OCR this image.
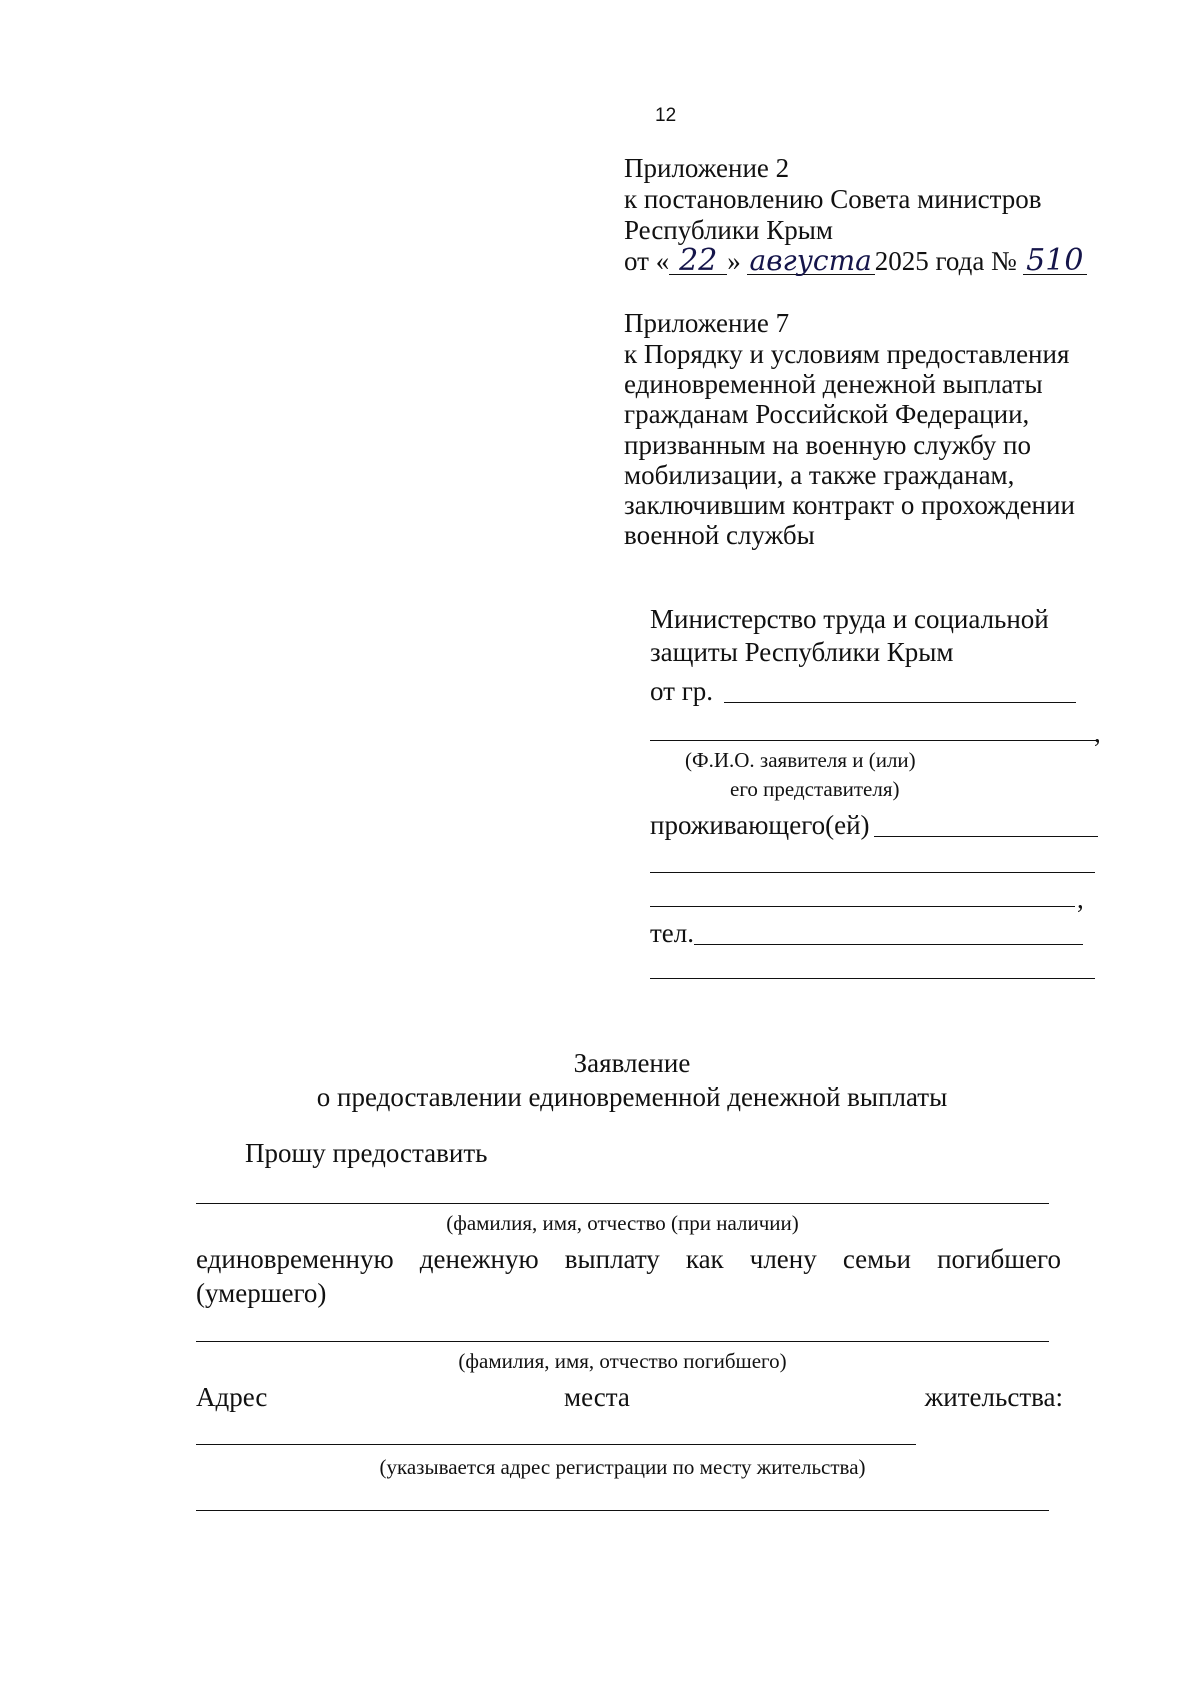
12
Приложение 2
к постановлению Совета министров
Республики Крым
от « 22 » августа 2025 года № 510
Приложение 7
к Порядку и условиям предоставления
единовременной денежной выплаты
гражданам Российской Федерации,
призванным на военную службу по
мобилизации, а также гражданам,
заключившим контракт о прохождении
военной службы
Министерство труда и социальной
защиты Республики Крым
от гр.
,
(Ф.И.О. заявителя и (или)
его представителя)
проживающего(ей)
,
тел.
Заявление
о предоставлении единовременной денежной выплаты
Прошу предоставить
(фамилия, имя, отчество (при наличии)
единовременную денежную выплату как члену семьи погибшего
(умершего)
(фамилия, имя, отчество погибшего)
Адрес	места	жительства:
(указывается адрес регистрации по месту жительства)
